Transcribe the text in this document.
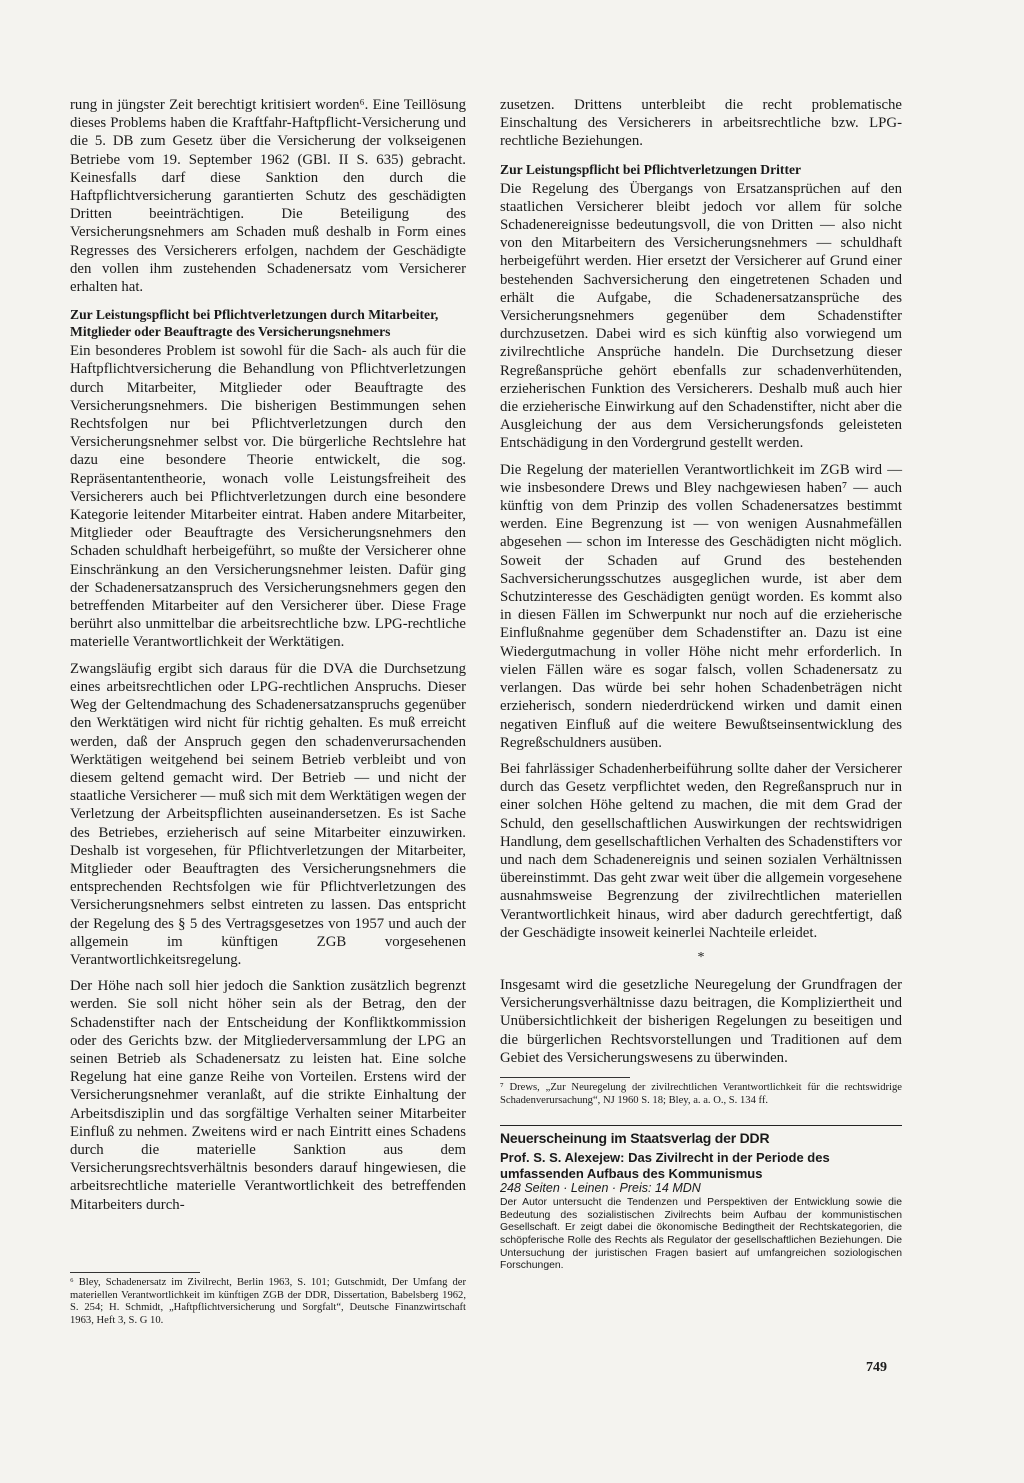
rung in jüngster Zeit berechtigt kritisiert worden⁶. Eine Teillösung dieses Problems haben die Kraftfahr-Haftpflicht-Versicherung und die 5. DB zum Gesetz über die Versicherung der volkseigenen Betriebe vom 19. September 1962 (GBl. II S. 635) gebracht. Keinesfalls darf diese Sanktion den durch die Haftpflichtversicherung garantierten Schutz des geschädigten Dritten beeinträchtigen. Die Beteiligung des Versicherungsnehmers am Schaden muß deshalb in Form eines Regresses des Versicherers erfolgen, nachdem der Geschädigte den vollen ihm zustehenden Schadenersatz vom Versicherer erhalten hat.

Zur Leistungspflicht bei Pflichtverletzungen durch Mitarbeiter, Mitglieder oder Beauftragte des Versicherungsnehmers

Ein besonderes Problem ist sowohl für die Sach- als auch für die Haftpflichtversicherung die Behandlung von Pflichtverletzungen durch Mitarbeiter, Mitglieder oder Beauftragte des Versicherungsnehmers. Die bisherigen Bestimmungen sehen Rechtsfolgen nur bei Pflichtverletzungen durch den Versicherungsnehmer selbst vor. Die bürgerliche Rechtslehre hat dazu eine besondere Theorie entwickelt, die sog. Repräsentantentheorie, wonach volle Leistungsfreiheit des Versicherers auch bei Pflichtverletzungen durch eine besondere Kategorie leitender Mitarbeiter eintrat. Haben andere Mitarbeiter, Mitglieder oder Beauftragte des Versicherungsnehmers den Schaden schuldhaft herbeigeführt, so mußte der Versicherer ohne Einschränkung an den Versicherungsnehmer leisten. Dafür ging der Schadenersatzanspruch des Versicherungsnehmers gegen den betreffenden Mitarbeiter auf den Versicherer über. Diese Frage berührt also unmittelbar die arbeitsrechtliche bzw. LPG-rechtliche materielle Verantwortlichkeit der Werktätigen.

Zwangsläufig ergibt sich daraus für die DVA die Durchsetzung eines arbeitsrechtlichen oder LPG-rechtlichen Anspruchs. Dieser Weg der Geltendmachung des Schadenersatzanspruchs gegenüber den Werktätigen wird nicht für richtig gehalten. Es muß erreicht werden, daß der Anspruch gegen den schadenverursachenden Werktätigen weitgehend bei seinem Betrieb verbleibt und von diesem geltend gemacht wird. Der Betrieb — und nicht der staatliche Versicherer — muß sich mit dem Werktätigen wegen der Verletzung der Arbeitspflichten auseinandersetzen. Es ist Sache des Betriebes, erzieherisch auf seine Mitarbeiter einzuwirken. Deshalb ist vorgesehen, für Pflichtverletzungen der Mitarbeiter, Mitglieder oder Beauftragten des Versicherungsnehmers die entsprechenden Rechtsfolgen wie für Pflichtverletzungen des Versicherungsnehmers selbst eintreten zu lassen. Das entspricht der Regelung des § 5 des Vertragsgesetzes von 1957 und auch der allgemein im künftigen ZGB vorgesehenen Verantwortlichkeitsregelung.

Der Höhe nach soll hier jedoch die Sanktion zusätzlich begrenzt werden. Sie soll nicht höher sein als der Betrag, den der Schadenstifter nach der Entscheidung der Konfliktkommission oder des Gerichts bzw. der Mitgliederversammlung der LPG an seinen Betrieb als Schadenersatz zu leisten hat. Eine solche Regelung hat eine ganze Reihe von Vorteilen. Erstens wird der Versicherungsnehmer veranlaßt, auf die strikte Einhaltung der Arbeitsdisziplin und das sorgfältige Verhalten seiner Mitarbeiter Einfluß zu nehmen. Zweitens wird er nach Eintritt eines Schadens durch die materielle Sanktion aus dem Versicherungsrechtsverhältnis besonders darauf hingewiesen, die arbeitsrechtliche materielle Verantwortlichkeit des betreffenden Mitarbeiters durch-

⁶ Bley, Schadenersatz im Zivilrecht, Berlin 1963, S. 101; Gutschmidt, Der Umfang der materiellen Verantwortlichkeit im künftigen ZGB der DDR, Dissertation, Babelsberg 1962, S. 254; H. Schmidt, „Haftpflichtversicherung und Sorgfalt“, Deutsche Finanzwirtschaft 1963, Heft 3, S. G 10.

zusetzen. Drittens unterbleibt die recht problematische Einschaltung des Versicherers in arbeitsrechtliche bzw. LPG-rechtliche Beziehungen.

Zur Leistungspflicht bei Pflichtverletzungen Dritter

Die Regelung des Übergangs von Ersatzansprüchen auf den staatlichen Versicherer bleibt jedoch vor allem für solche Schadenereignisse bedeutungsvoll, die von Dritten — also nicht von den Mitarbeitern des Versicherungsnehmers — schuldhaft herbeigeführt werden. Hier ersetzt der Versicherer auf Grund einer bestehenden Sachversicherung den eingetretenen Schaden und erhält die Aufgabe, die Schadenersatzansprüche des Versicherungsnehmers gegenüber dem Schadenstifter durchzusetzen. Dabei wird es sich künftig also vorwiegend um zivilrechtliche Ansprüche handeln. Die Durchsetzung dieser Regreßansprüche gehört ebenfalls zur schadenverhütenden, erzieherischen Funktion des Versicherers. Deshalb muß auch hier die erzieherische Einwirkung auf den Schadenstifter, nicht aber die Ausgleichung der aus dem Versicherungsfonds geleisteten Entschädigung in den Vordergrund gestellt werden.

Die Regelung der materiellen Verantwortlichkeit im ZGB wird — wie insbesondere Drews und Bley nachgewiesen haben⁷ — auch künftig von dem Prinzip des vollen Schadenersatzes bestimmt werden. Eine Begrenzung ist — von wenigen Ausnahmefällen abgesehen — schon im Interesse des Geschädigten nicht möglich. Soweit der Schaden auf Grund des bestehenden Sachversicherungsschutzes ausgeglichen wurde, ist aber dem Schutzinteresse des Geschädigten genügt worden. Es kommt also in diesen Fällen im Schwerpunkt nur noch auf die erzieherische Einflußnahme gegenüber dem Schadenstifter an. Dazu ist eine Wiedergutmachung in voller Höhe nicht mehr erforderlich. In vielen Fällen wäre es sogar falsch, vollen Schadenersatz zu verlangen. Das würde bei sehr hohen Schadenbeträgen nicht erzieherisch, sondern niederdrückend wirken und damit einen negativen Einfluß auf die weitere Bewußtseinsentwicklung des Regreßschuldners ausüben.

Bei fahrlässiger Schadenherbeiführung sollte daher der Versicherer durch das Gesetz verpflichtet weden, den Regreßanspruch nur in einer solchen Höhe geltend zu machen, die mit dem Grad der Schuld, den gesellschaftlichen Auswirkungen der rechtswidrigen Handlung, dem gesellschaftlichen Verhalten des Schadenstifters vor und nach dem Schadenereignis und seinen sozialen Verhältnissen übereinstimmt. Das geht zwar weit über die allgemein vorgesehene ausnahmsweise Begrenzung der zivilrechtlichen materiellen Verantwortlichkeit hinaus, wird aber dadurch gerechtfertigt, daß der Geschädigte insoweit keinerlei Nachteile erleidet.

*

Insgesamt wird die gesetzliche Neuregelung der Grundfragen der Versicherungsverhältnisse dazu beitragen, die Kompliziertheit und Unübersichtlichkeit der bisherigen Regelungen zu beseitigen und die bürgerlichen Rechtsvorstellungen und Traditionen auf dem Gebiet des Versicherungswesens zu überwinden.

⁷ Drews, „Zur Neuregelung der zivilrechtlichen Verantwortlichkeit für die rechtswidrige Schadenverursachung“, NJ 1960 S. 18; Bley, a. a. O., S. 134 ff.

Neuerscheinung im Staatsverlag der DDR
Prof. S. S. Alexejew: Das Zivilrecht in der Periode des umfassenden Aufbaus des Kommunismus
248 Seiten · Leinen · Preis: 14 MDN
Der Autor untersucht die Tendenzen und Perspektiven der Entwicklung sowie die Bedeutung des sozialistischen Zivilrechts beim Aufbau der kommunistischen Gesellschaft. Er zeigt dabei die ökonomische Bedingtheit der Rechtskategorien, die schöpferische Rolle des Rechts als Regulator der gesellschaftlichen Beziehungen. Die Untersuchung der juristischen Fragen basiert auf umfangreichen soziologischen Forschungen.
749
